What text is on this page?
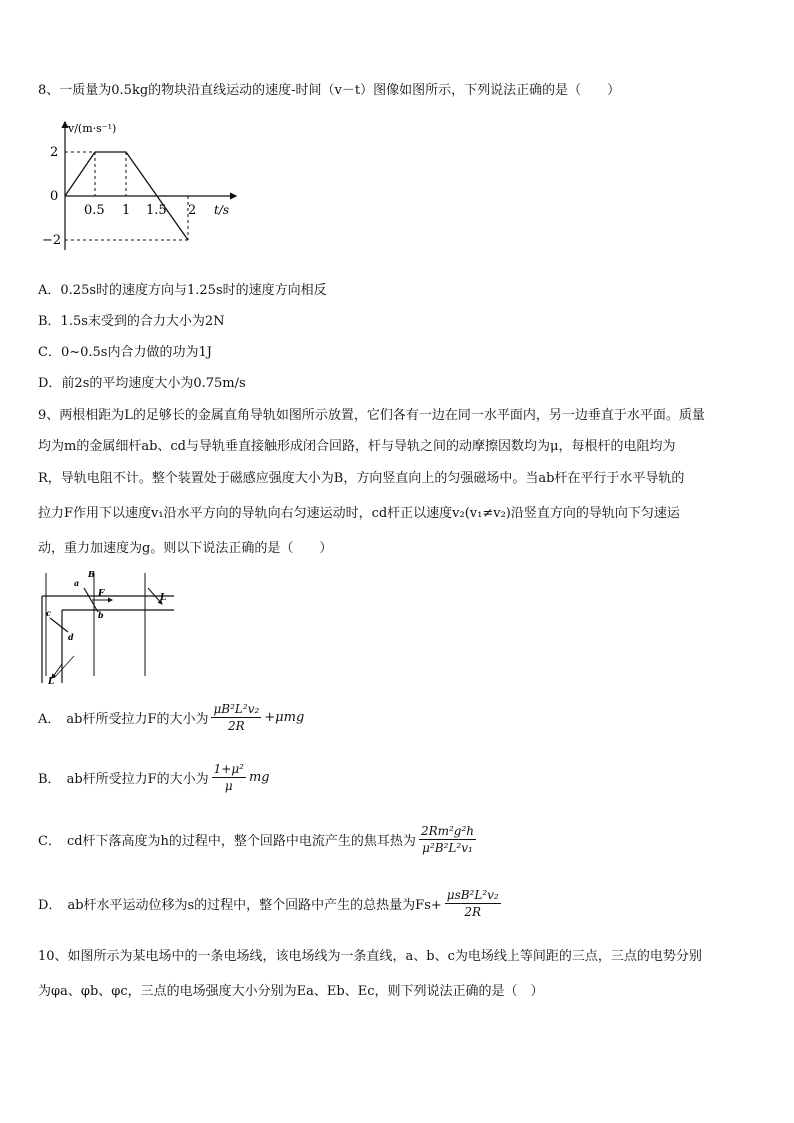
8、一质量为0.5kg的物块沿直线运动的速度-时间（v－t）图像如图所示，下列说法正确的是（　　）
v/(m·s⁻¹)
t/s
2
0
−2
0.5 1 1.5 2
A．0.25s时的速度方向与1.25s时的速度方向相反
B．1.5s末受到的合力大小为2N
C．0~0.5s内合力做的功为1J
D．前2s的平均速度大小为0.75m/s
9、两根相距为L的足够长的金属直角导轨如图所示放置，它们各有一边在同一水平面内，另一边垂直于水平面。质量
均为m的金属细杆ab、cd与导轨垂直接触形成闭合回路，杆与导轨之间的动摩擦因数均为μ，每根杆的电阻均为
R，导轨电阻不计。整个装置处于磁感应强度大小为B，方向竖直向上的匀强磁场中。当ab杆在平行于水平导轨的
拉力F作用下以速度v₁沿水平方向的导轨向右匀速运动时，cd杆正以速度v₂(v₁≠v₂)沿竖直方向的导轨向下匀速运
动，重力加速度为g。则以下说法正确的是（　　）
a
B
F
b
L
c
d
L
A． ab杆所受拉力F的大小为 $\frac{\text{μB²L²v₂}}{2R} +\mu mg$
B． ab杆所受拉力F的大小为 $\frac{\text{1+μ²}}{\mu}$ mg
C． cd杆下落高度为h的过程中，整个回路中电流产生的焦耳热为 $\frac{\text{2Rm²g²h}}{\text{μ²B²L²v₁}}$
D． ab杆水平运动位移为s的过程中，整个回路中产生的总热量为$Fs+ \frac{\text{μsB²L²v₂}}{2R}$
10、如图所示为某电场中的一条电场线，该电场线为一条直线，a、b、c为电场线上等间距的三点，三点的电势分别
为φa、φb、φc，三点的电场强度大小分别为Ea、Eb、Ec，则下列说法正确的是（　）
